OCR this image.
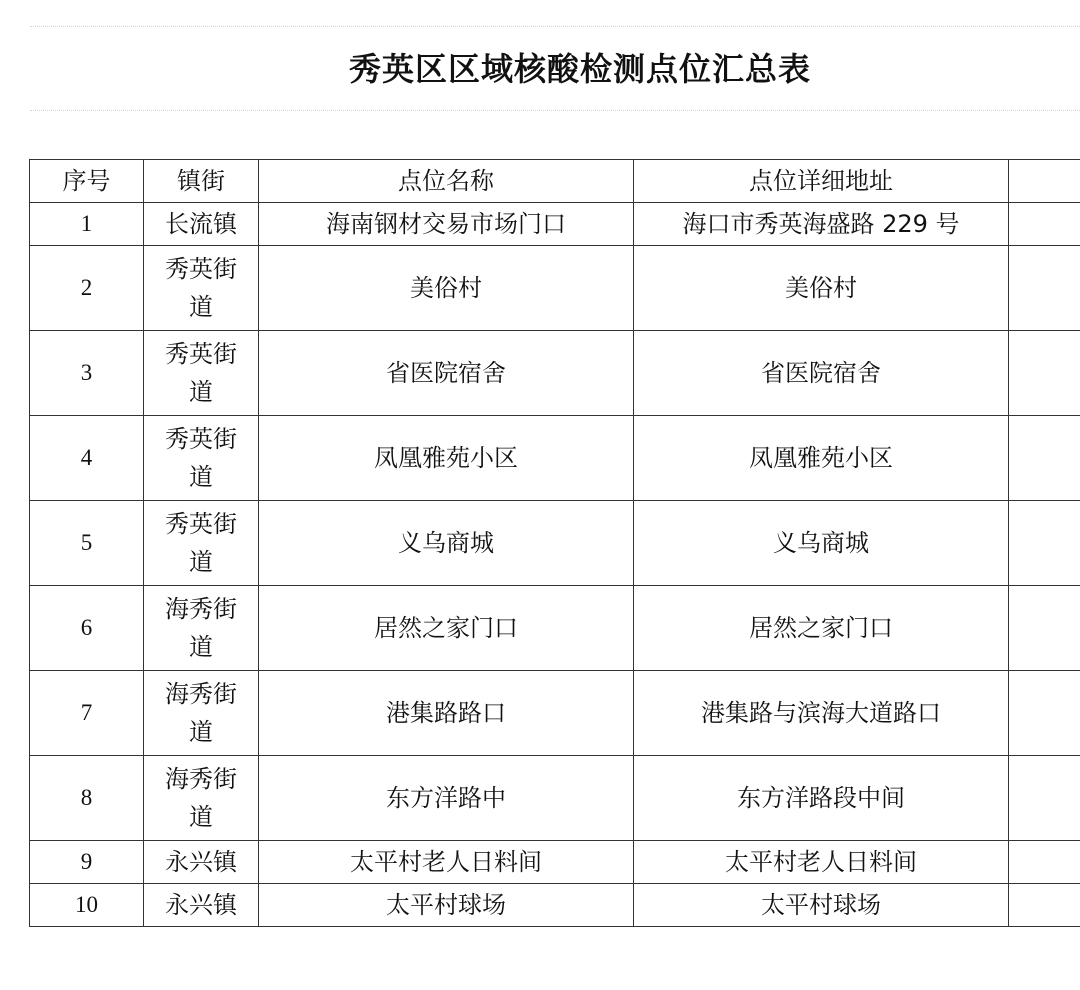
秀英区区域核酸检测点位汇总表
序号	镇街	点位名称	点位详细地址	
1	长流镇	海南钢材交易市场门口	海口市秀英海盛路 229 号	
2	秀英街道	美俗村	美俗村	
3	秀英街道	省医院宿舍	省医院宿舍	
4	秀英街道	凤凰雅苑小区	凤凰雅苑小区	
5	秀英街道	义乌商城	义乌商城	
6	海秀街道	居然之家门口	居然之家门口	
7	海秀街道	港集路路口	港集路与滨海大道路口	
8	海秀街道	东方洋路中	东方洋路段中间	
9	永兴镇	太平村老人日料间	太平村老人日料间	
10	永兴镇	太平村球场	太平村球场	
